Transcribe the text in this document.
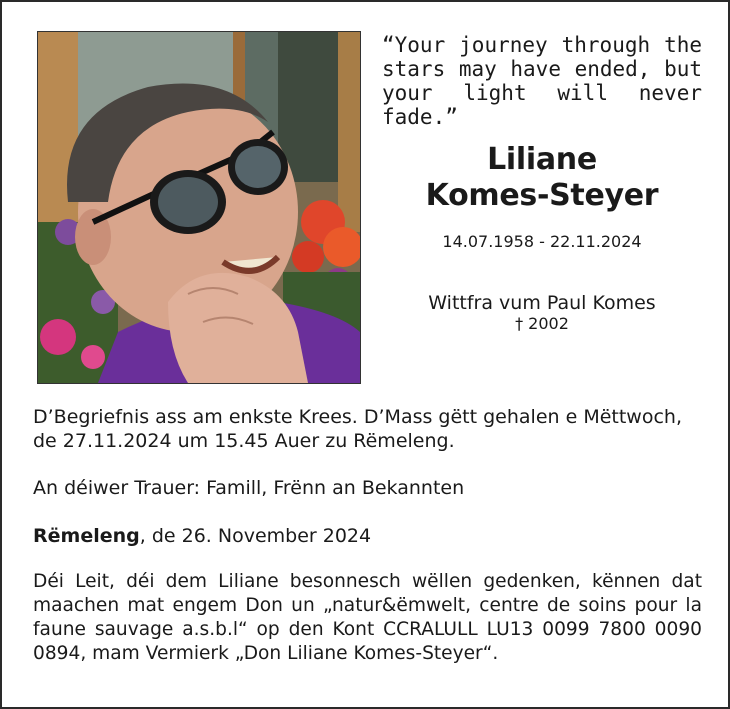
“Your journey through the stars may have ended, but your light will never fade.”

Liliane
Komes-Steyer
14.07.1958 - 22.11.2024
Wittfra vum Paul Komes
† 2002

D’Begriefnis ass am enkste Krees. D’Mass gëtt gehalen e Mëttwoch, de 27.11.2024 um 15.45 Auer zu Rëmeleng.

An déiwer Trauer: Famill, Frënn an Bekannten

Rëmeleng, de 26. November 2024

Déi Leit, déi dem Liliane besonnesch wëllen gedenken, kënnen dat maachen mat engem Don un „natur&ëmwelt, centre de soins pour la faune sauvage a.s.b.l“ op den Kont CCRALULL LU13 0099 7800 0090 0894, mam Vermierk „Don Liliane Komes-Steyer“.
